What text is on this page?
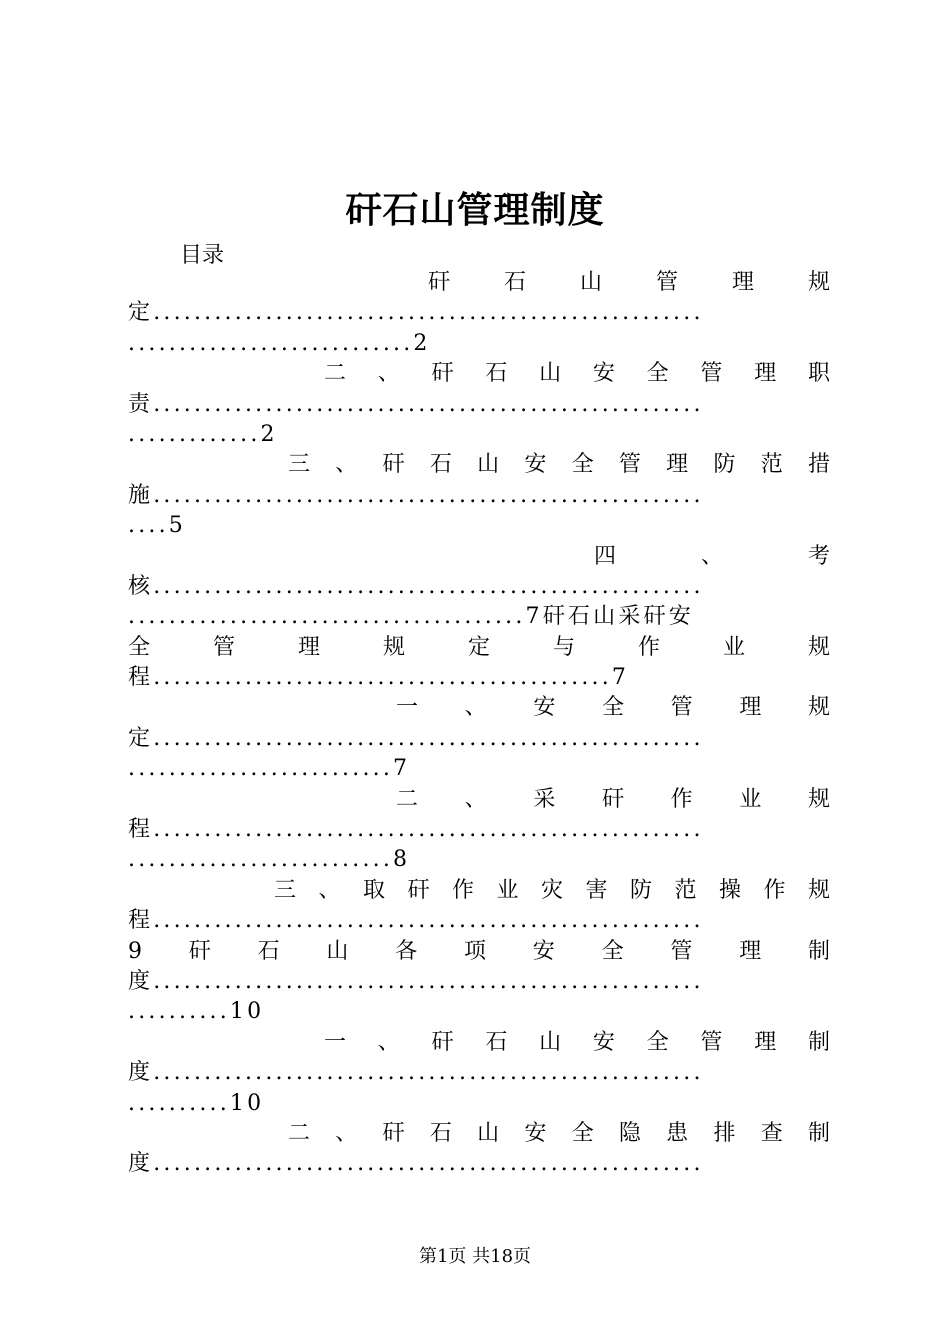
矸石山管理制度
目录
矸石山管理规
定......................................................
............................2
二、矸石山安全管理职
责......................................................
.............2
三、矸石山安全管理防范措
施......................................................
....5
四、考
核......................................................
.......................................7矸石山采矸安
全管理规定与作业规
程.............................................7
一、安全管理规
定......................................................
..........................7
二、采矸作业规
程......................................................
..........................8
三、取矸作业灾害防范操作规
程......................................................
9矸石山各项安全管理制
度......................................................
..........10
一、矸石山安全管理制
度......................................................
..........10
二、矸石山安全隐患排查制
度......................................................
第1页 共18页
